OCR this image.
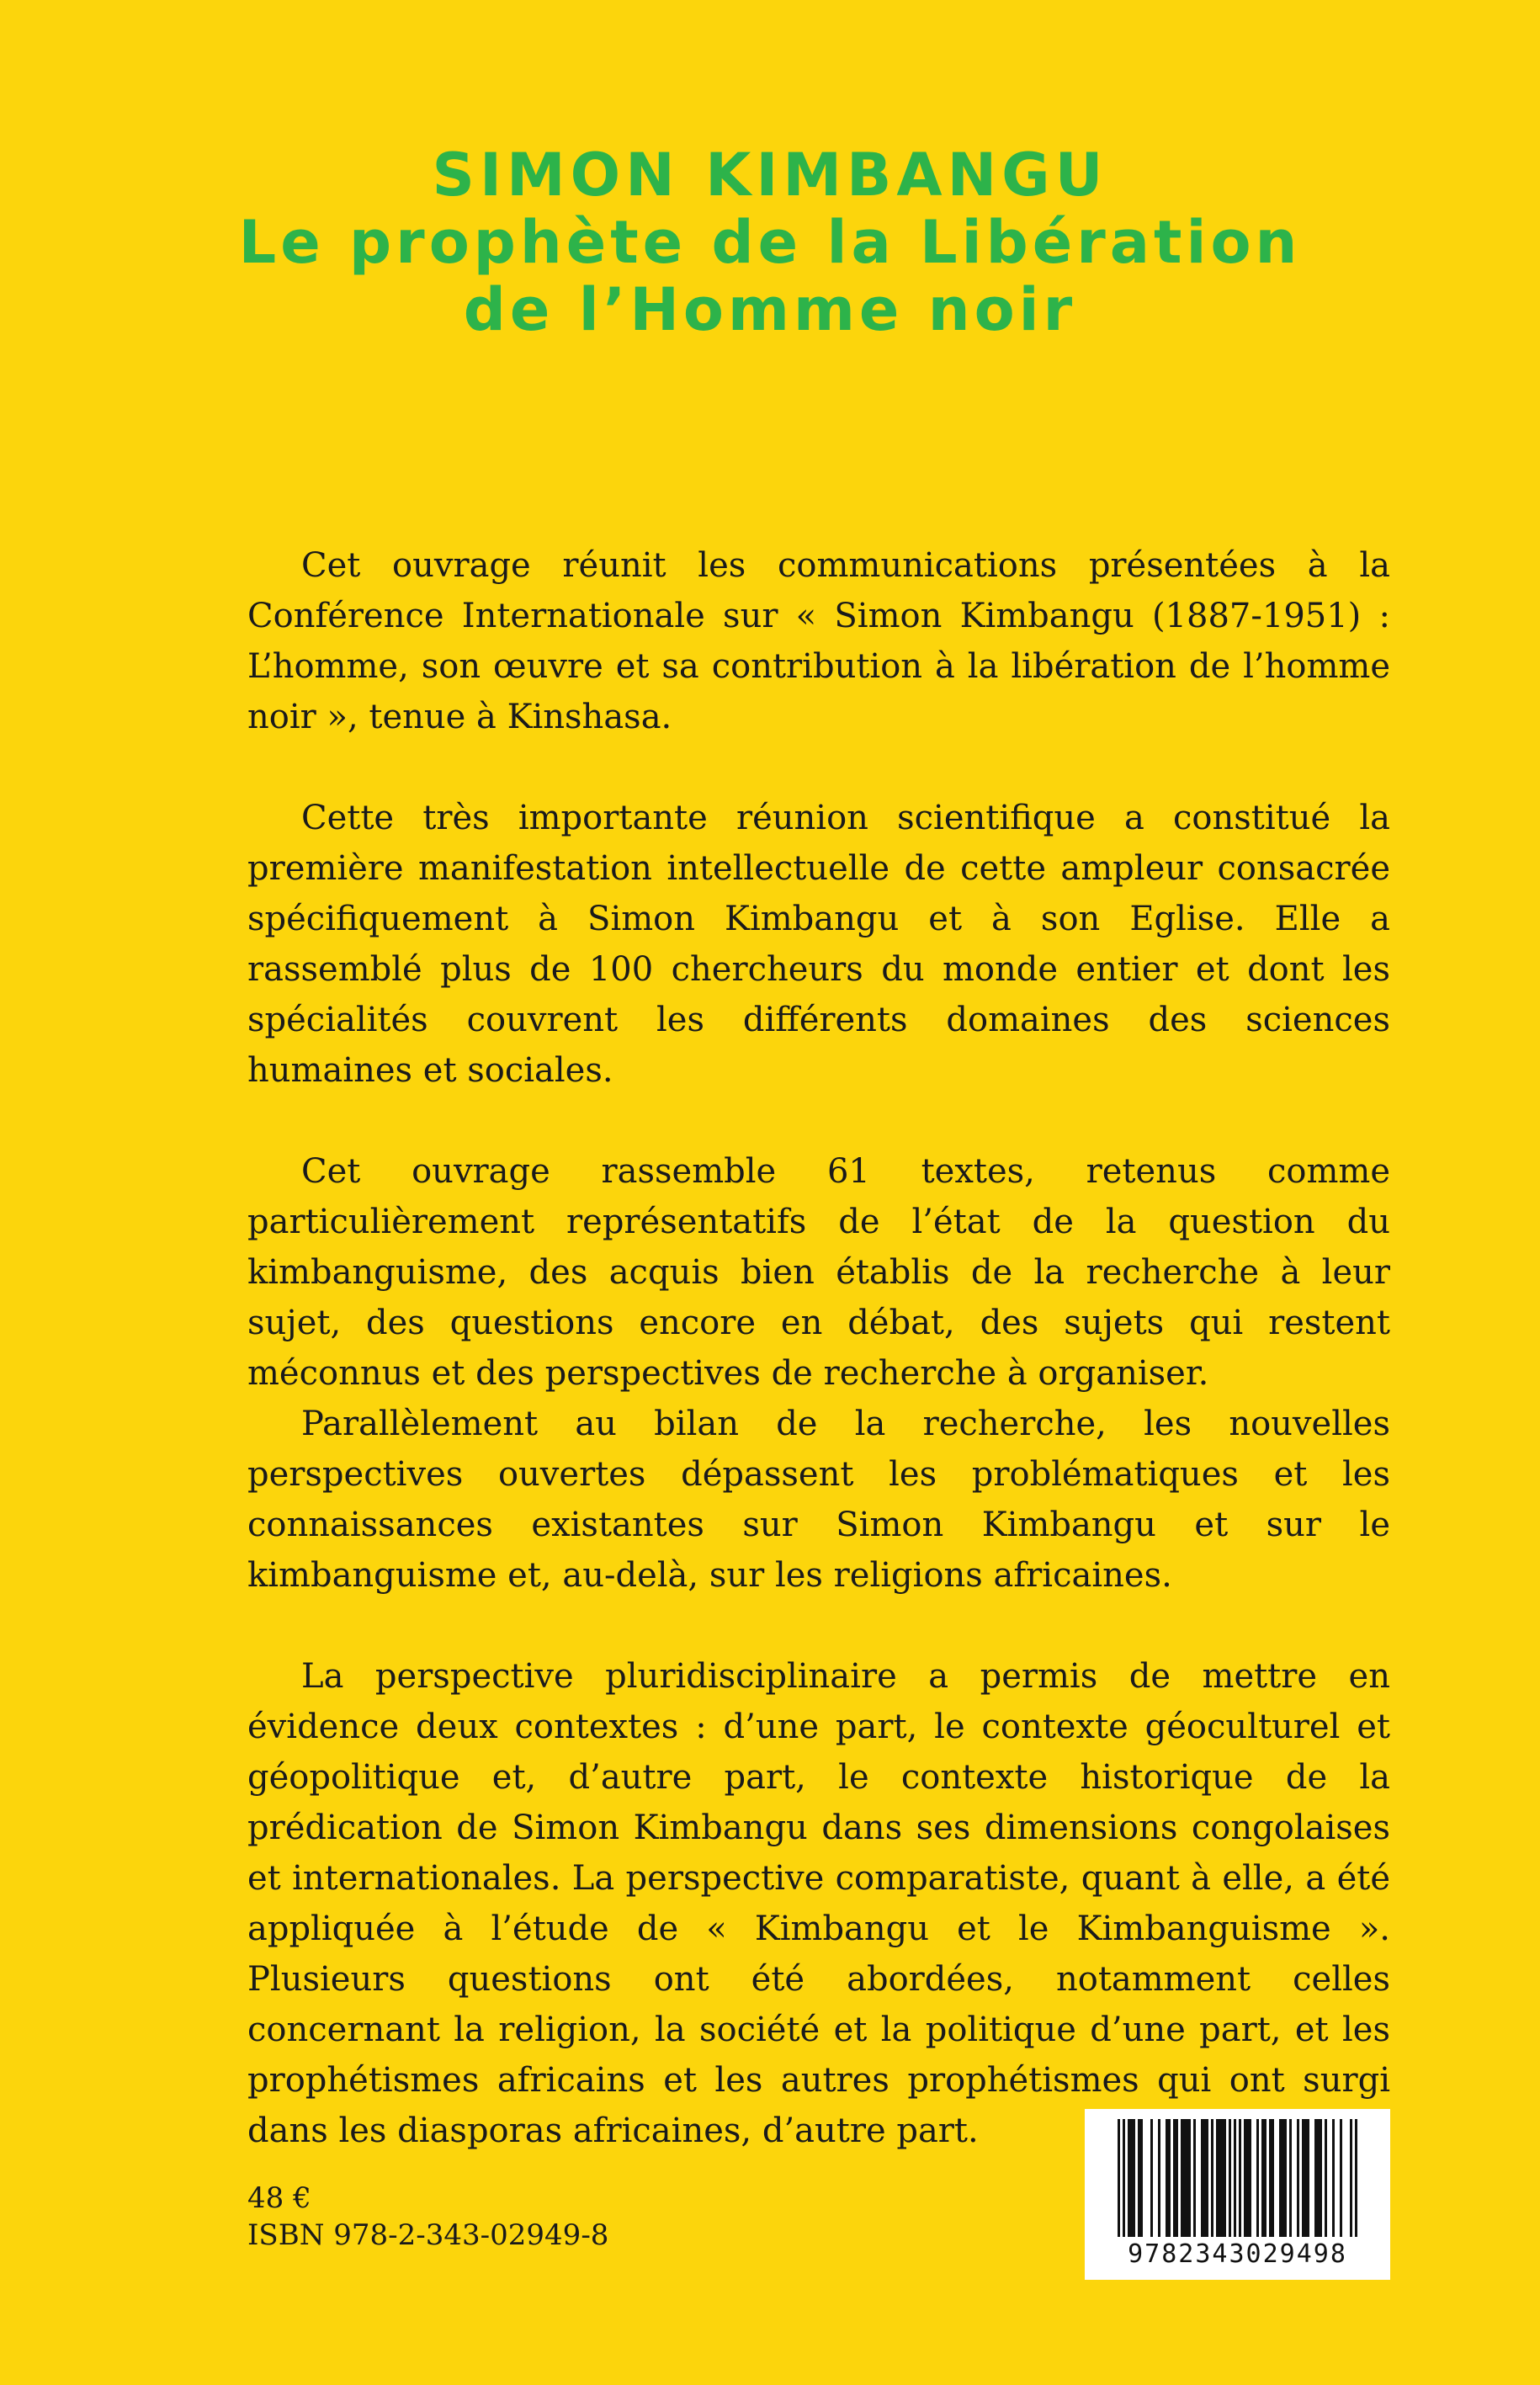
SIMON KIMBANGU
Le prophète de la Libération
de l’Homme noir

Cet ouvrage réunit les communications présentées à la Conférence Internationale sur « Simon Kimbangu (1887-1951) : L’homme, son œuvre et sa contribution à la libération de l’homme noir », tenue à Kinshasa.

Cette très importante réunion scientifique a constitué la première manifestation intellectuelle de cette ampleur consacrée spécifiquement à Simon Kimbangu et à son Eglise. Elle a rassemblé plus de 100 chercheurs du monde entier et dont les spécialités couvrent les différents domaines des sciences humaines et sociales.

Cet ouvrage rassemble 61 textes, retenus comme particulièrement représentatifs de l’état de la question du kimbanguisme, des acquis bien établis de la recherche à leur sujet, des questions encore en débat, des sujets qui restent méconnus et des perspectives de recherche à organiser.

Parallèlement au bilan de la recherche, les nouvelles perspectives ouvertes dépassent les problématiques et les connaissances existantes sur Simon Kimbangu et sur le kimbanguisme et, au-delà, sur les religions africaines.

La perspective pluridisciplinaire a permis de mettre en évidence deux contextes : d’une part, le contexte géoculturel et géopolitique et, d’autre part, le contexte historique de la prédication de Simon Kimbangu dans ses dimensions congolaises et internationales. La perspective comparatiste, quant à elle, a été appliquée à l’étude de « Kimbangu et le Kimbanguisme ». Plusieurs questions ont été abordées, notamment celles concernant la religion, la société et la politique d’une part, et les prophétismes africains et les autres prophétismes qui ont surgi dans les diasporas africaines, d’autre part.

48 €
ISBN 978-2-343-02949-8
9782343029498
